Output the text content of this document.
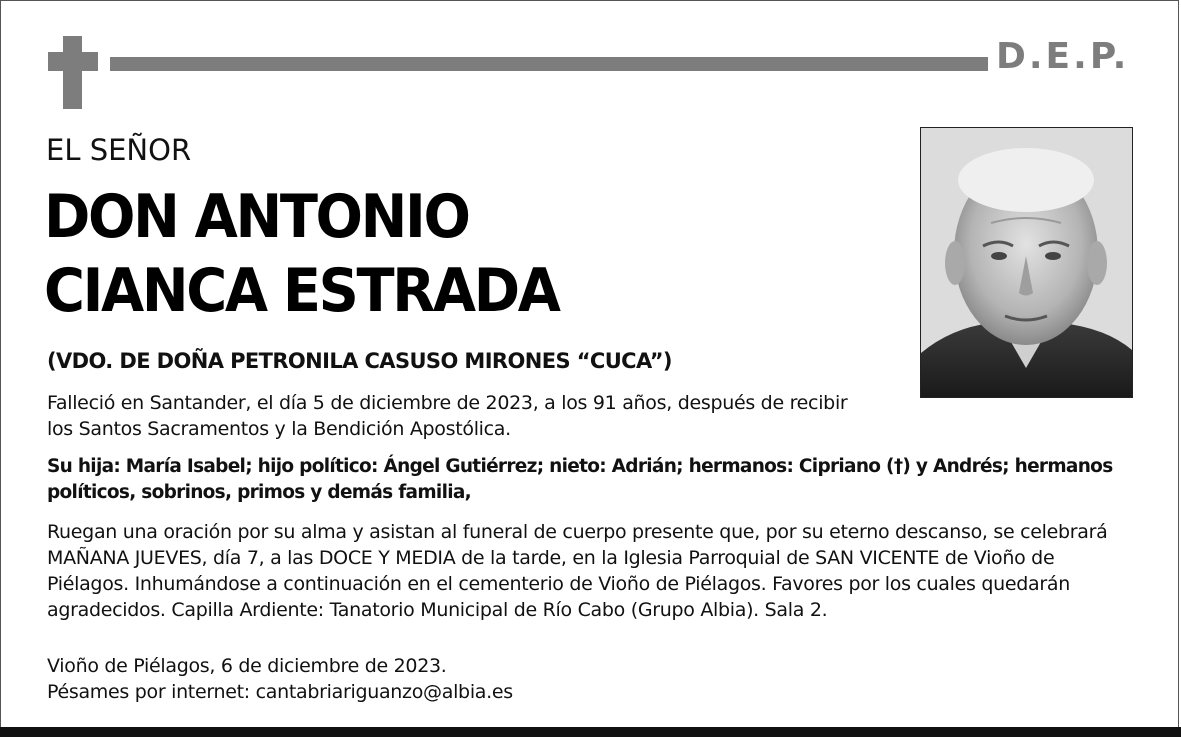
D.E.P.
EL SEÑOR
DON ANTONIO
CIANCA ESTRADA
(VDO. DE DOÑA PETRONILA CASUSO MIRONES “CUCA”)

Falleció en Santander, el día 5 de diciembre de 2023, a los 91 años, después de recibir los Santos Sacramentos y la Bendición Apostólica.

Su hija: María Isabel; hijo político: Ángel Gutiérrez; nieto: Adrián; hermanos: Cipriano (†) y Andrés; hermanos políticos, sobrinos, primos y demás familia,

Ruegan una oración por su alma y asistan al funeral de cuerpo presente que, por su eterno descanso, se celebrará MAÑANA JUEVES, día 7, a las DOCE Y MEDIA de la tarde, en la Iglesia Parroquial de SAN VICENTE de Vioño de Piélagos. Inhumándose a continuación en el cementerio de Vioño de Piélagos. Favores por los cuales quedarán agradecidos. Capilla Ardiente: Tanatorio Municipal de Río Cabo (Grupo Albia). Sala 2.

Vioño de Piélagos, 6 de diciembre de 2023.
Pésames por internet: cantabriariguanzo@albia.es
